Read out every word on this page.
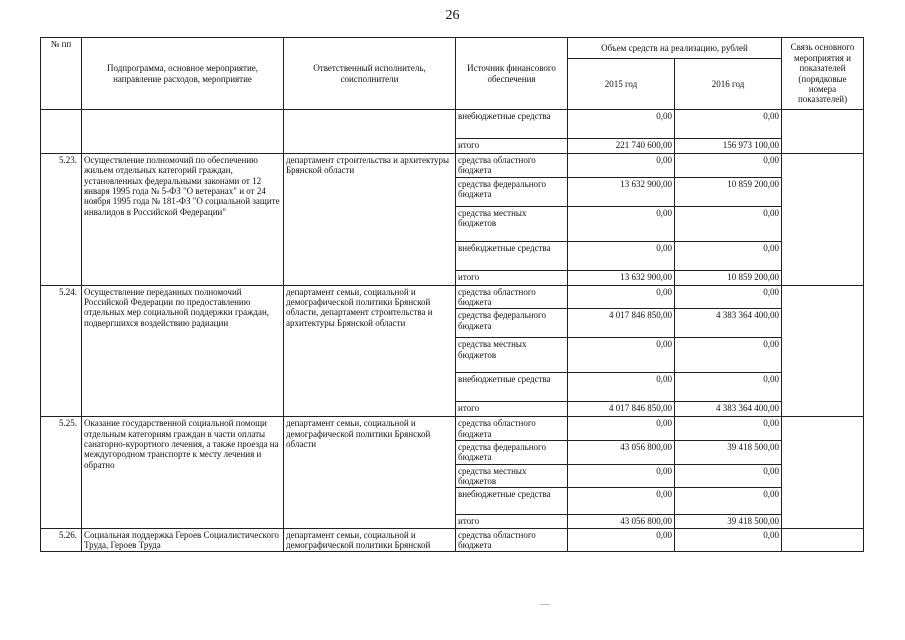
26
№ пп	Подпрограмма, основное мероприятие, направление расходов, мероприятие	Ответственный исполнитель, соисполнители	Источник финансового обеспечения	Объем средств на реализацию, рублей		Связь основного мероприятия и показателей (порядковые номера показателей)
				2015 год	2016 год	
			внебюджетные средства	0,00	0,00	
			итого	221 740 600,00	156 973 100,00	
5.23.	Осуществление полномочий по обеспечению жильем отдельных категорий граждан, установленных федеральными законами от 12 января 1995 года № 5-ФЗ "О ветеранах" и от 24 ноября 1995 года № 181-ФЗ "О социальной защите инвалидов в Российской Федерации"	департамент строительства и архитектуры Брянской области	средства областного бюджета	0,00	0,00	
			средства федерального бюджета	13 632 900,00	10 859 200,00	
			средства местных бюджетов	0,00	0,00	
			внебюджетные средства	0,00	0,00	
			итого	13 632 900,00	10 859 200,00	
5.24.	Осуществление переданных полномочий Российской Федерации по предоставлению отдельных мер социальной поддержки граждан, подвергшихся воздействию радиации	департамент семьи, социальной и демографической политики Брянской области, департамент строительства и архитектуры Брянской области	средства областного бюджета	0,00	0,00	
			средства федерального бюджета	4 017 846 850,00	4 383 364 400,00	
			средства местных бюджетов	0,00	0,00	
			внебюджетные средства	0,00	0,00	
			итого	4 017 846 850,00	4 383 364 400,00	
5.25.	Оказание государственной социальной помощи отдельным категориям граждан в части оплаты санаторно-курортного лечения, а также проезда на междугородном транспорте к месту лечения и обратно	департамент семьи, социальной и демографической политики Брянской области	средства областного бюджета	0,00	0,00	
			средства федерального бюджета	43 056 800,00	39 418 500,00	
			средства местных бюджетов	0,00	0,00	
			внебюджетные средства	0,00	0,00	
			итого	43 056 800,00	39 418 500,00	
5.26.	Социальная поддержка Героев Социалистического Труда, Героев Труда	департамент семьи, социальной и демографической политики Брянской	средства областного бюджета	0,00	0,00	
